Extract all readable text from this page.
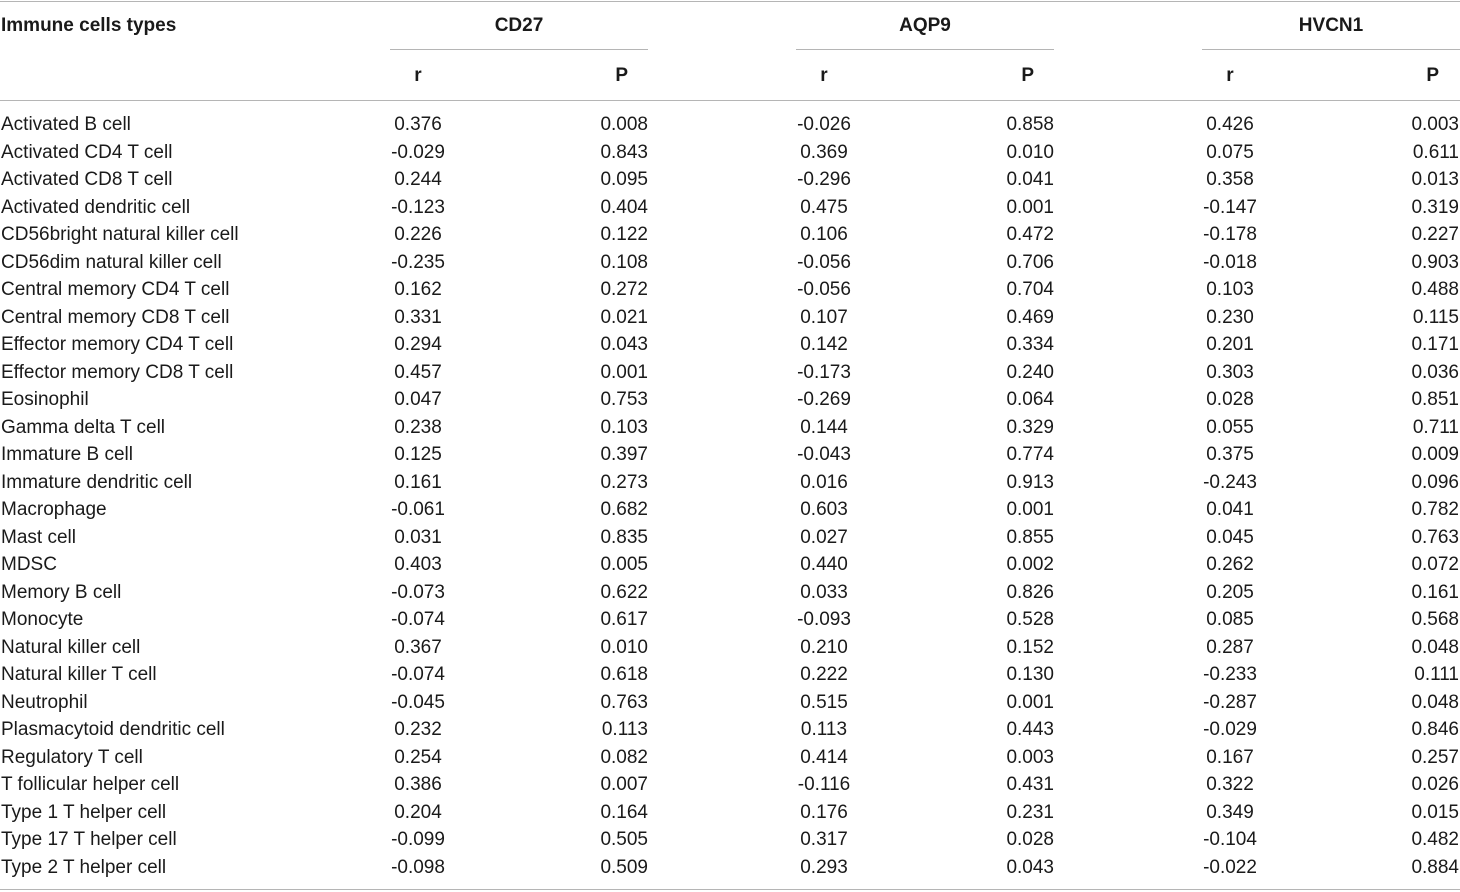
Immune cells types	CD27	AQP9	HVCN1
r	P	r	P	r	P
Activated B cell	0.376	0.008	-0.026	0.858	0.426	0.003
Activated CD4 T cell	-0.029	0.843	0.369	0.010	0.075	0.611
Activated CD8 T cell	0.244	0.095	-0.296	0.041	0.358	0.013
Activated dendritic cell	-0.123	0.404	0.475	0.001	-0.147	0.319
CD56bright natural killer cell	0.226	0.122	0.106	0.472	-0.178	0.227
CD56dim natural killer cell	-0.235	0.108	-0.056	0.706	-0.018	0.903
Central memory CD4 T cell	0.162	0.272	-0.056	0.704	0.103	0.488
Central memory CD8 T cell	0.331	0.021	0.107	0.469	0.230	0.115
Effector memory CD4 T cell	0.294	0.043	0.142	0.334	0.201	0.171
Effector memory CD8 T cell	0.457	0.001	-0.173	0.240	0.303	0.036
Eosinophil	0.047	0.753	-0.269	0.064	0.028	0.851
Gamma delta T cell	0.238	0.103	0.144	0.329	0.055	0.711
Immature B cell	0.125	0.397	-0.043	0.774	0.375	0.009
Immature dendritic cell	0.161	0.273	0.016	0.913	-0.243	0.096
Macrophage	-0.061	0.682	0.603	0.001	0.041	0.782
Mast cell	0.031	0.835	0.027	0.855	0.045	0.763
MDSC	0.403	0.005	0.440	0.002	0.262	0.072
Memory B cell	-0.073	0.622	0.033	0.826	0.205	0.161
Monocyte	-0.074	0.617	-0.093	0.528	0.085	0.568
Natural killer cell	0.367	0.010	0.210	0.152	0.287	0.048
Natural killer T cell	-0.074	0.618	0.222	0.130	-0.233	0.111
Neutrophil	-0.045	0.763	0.515	0.001	-0.287	0.048
Plasmacytoid dendritic cell	0.232	0.113	0.113	0.443	-0.029	0.846
Regulatory T cell	0.254	0.082	0.414	0.003	0.167	0.257
T follicular helper cell	0.386	0.007	-0.116	0.431	0.322	0.026
Type 1 T helper cell	0.204	0.164	0.176	0.231	0.349	0.015
Type 17 T helper cell	-0.099	0.505	0.317	0.028	-0.104	0.482
Type 2 T helper cell	-0.098	0.509	0.293	0.043	-0.022	0.884
